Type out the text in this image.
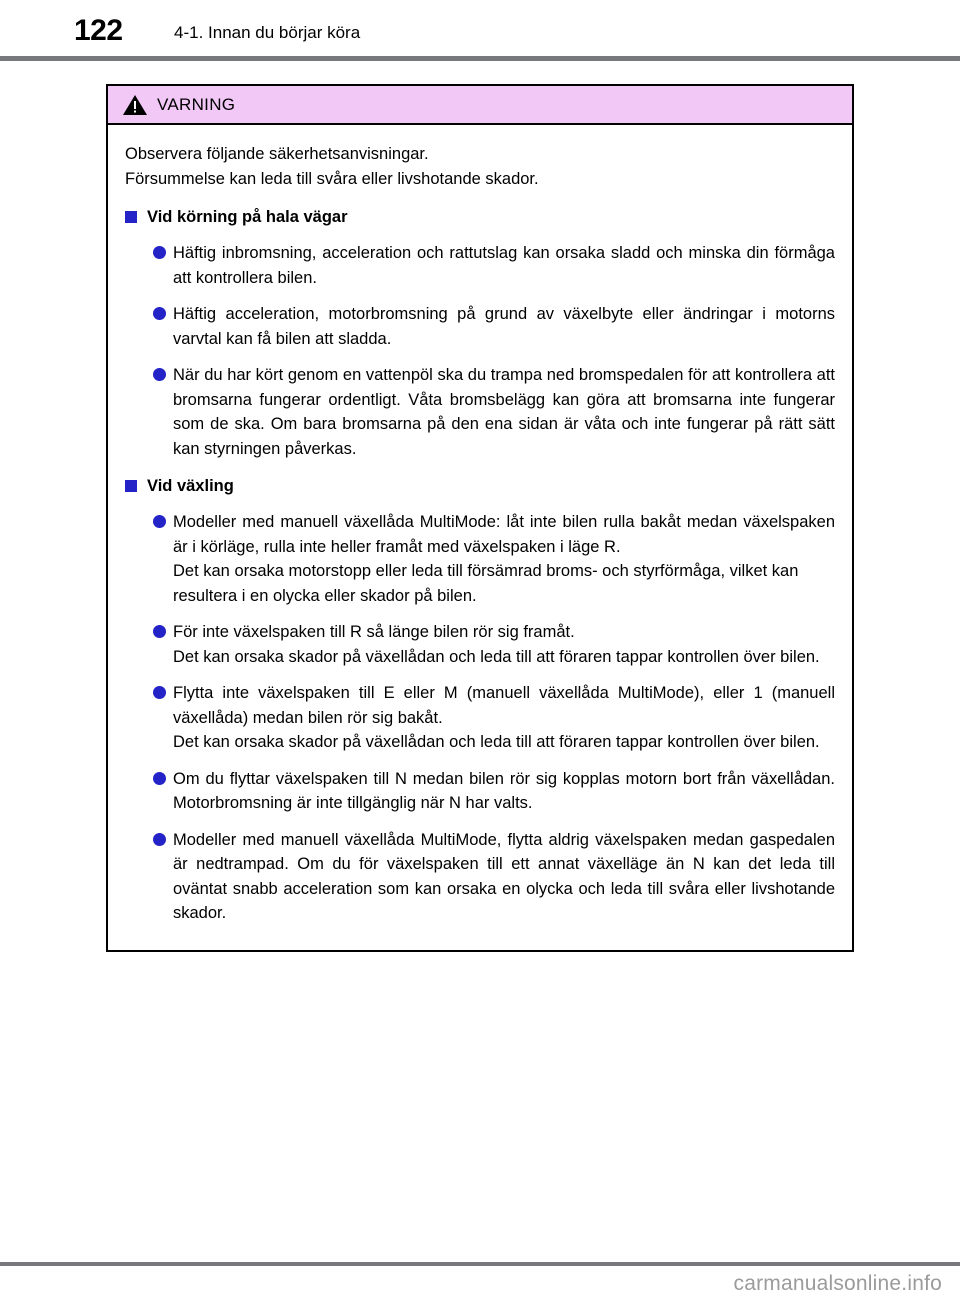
122	4-1. Innan du börjar köra
VARNING
Observera följande säkerhetsanvisningar.
Försummelse kan leda till svåra eller livshotande skador.
Vid körning på hala vägar

Häftig inbromsning, acceleration och rattutslag kan orsaka sladd och minska din förmåga att kontrollera bilen.

Häftig acceleration, motorbromsning på grund av växelbyte eller ändringar i motorns varvtal kan få bilen att sladda.

När du har kört genom en vattenpöl ska du trampa ned bromspedalen för att kontrollera att bromsarna fungerar ordentligt. Våta bromsbelägg kan göra att bromsarna inte fungerar som de ska. Om bara bromsarna på den ena sidan är våta och inte fungerar på rätt sätt kan styrningen påverkas.

Vid växling

Modeller med manuell växellåda MultiMode: låt inte bilen rulla bakåt medan växelspaken är i körläge, rulla inte heller framåt med växelspaken i läge R.

Det kan orsaka motorstopp eller leda till försämrad broms- och styrförmåga, vilket kan resultera i en olycka eller skador på bilen.

För inte växelspaken till R så länge bilen rör sig framåt.

Det kan orsaka skador på växellådan och leda till att föraren tappar kontrollen över bilen.

Flytta inte växelspaken till E eller M (manuell växellåda MultiMode), eller 1 (manuell växellåda) medan bilen rör sig bakåt.

Det kan orsaka skador på växellådan och leda till att föraren tappar kontrollen över bilen.

Om du flyttar växelspaken till N medan bilen rör sig kopplas motorn bort från växellådan. Motorbromsning är inte tillgänglig när N har valts.

Modeller med manuell växellåda MultiMode, flytta aldrig växelspaken medan gaspedalen är nedtrampad. Om du för växelspaken till ett annat växelläge än N kan det leda till oväntat snabb acceleration som kan orsaka en olycka och leda till svåra eller livshotande skador.

carmanualsonline.info
